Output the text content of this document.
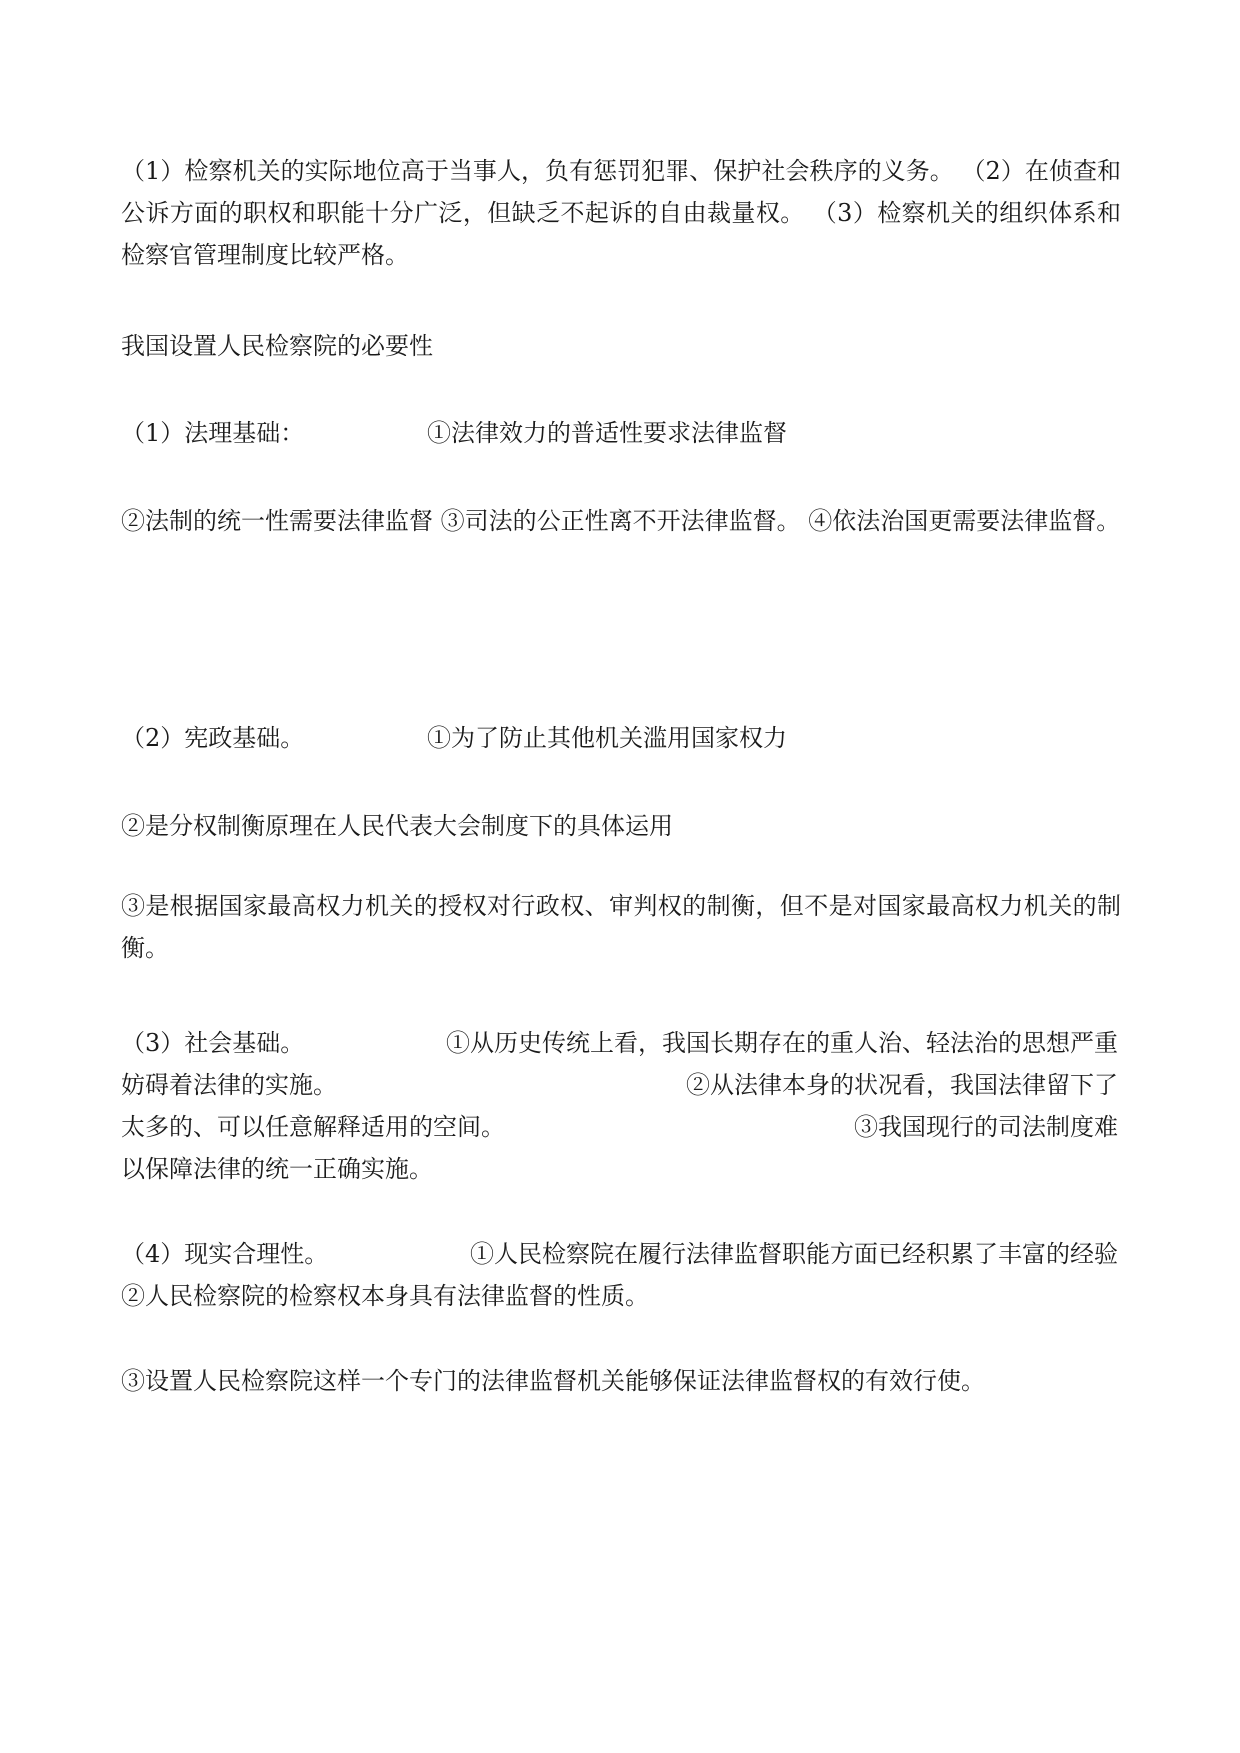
（1）检察机关的实际地位高于当事人，负有惩罚犯罪、保护社会秩序的义务。 （2）在侦查和公诉方面的职权和职能十分广泛，但缺乏不起诉的自由裁量权。 （3）检察机关的组织体系和检察官管理制度比较严格。

我国设置人民检察院的必要性

（1）法理基础：	①法律效力的普适性要求法律监督

②法制的统一性需要法律监督 ③司法的公正性离不开法律监督。 ④依法治国更需要法律监督。

（2）宪政基础。	①为了防止其他机关滥用国家权力

②是分权制衡原理在人民代表大会制度下的具体运用

③是根据国家最高权力机关的授权对行政权、审判权的制衡，但不是对国家最高权力机关的制衡。

（3）社会基础。	①从历史传统上看，我国长期存在的重人治、轻法治的思想严重

妨碍着法律的实施。	②从法律本身的状况看，我国法律留下了

太多的、可以任意解释适用的空间。	③我国现行的司法制度难

以保障法律的统一正确实施。

（4）现实合理性。	①人民检察院在履行法律监督职能方面已经积累了丰富的经验

②人民检察院的检察权本身具有法律监督的性质。

③设置人民检察院这样一个专门的法律监督机关能够保证法律监督权的有效行使。
